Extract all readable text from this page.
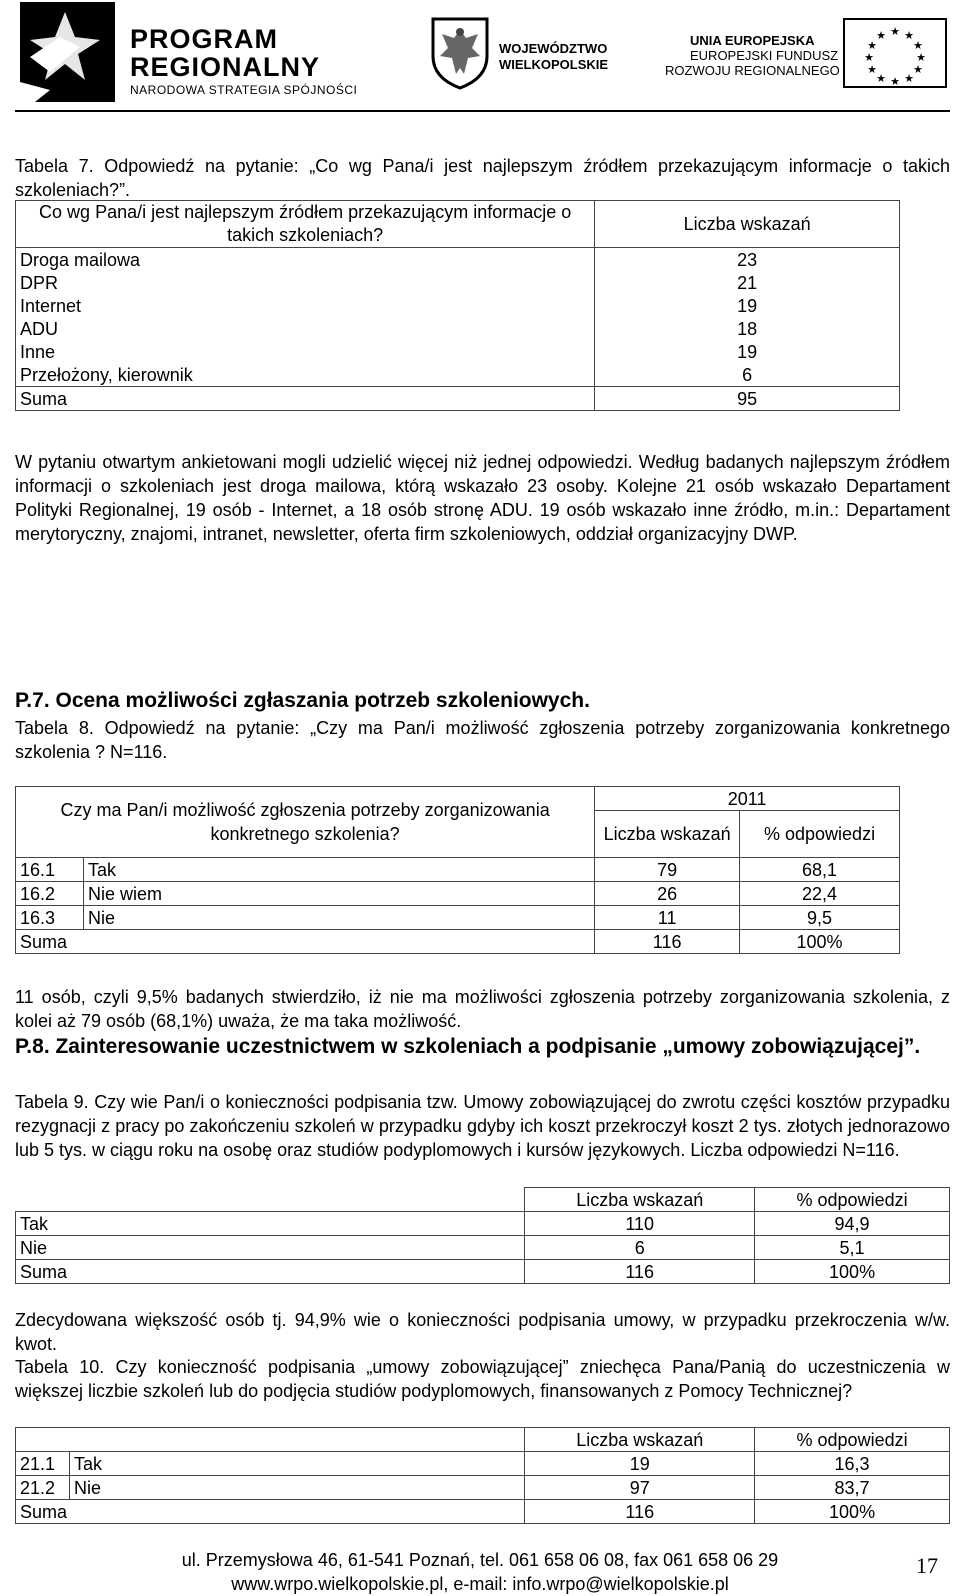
PROGRAM
REGIONALNY
NARODOWA STRATEGIA SPÓJNOŚCI
WOJEWÓDZTWO
WIELKOPOLSKIE
UNIA EUROPEJSKA
EUROPEJSKI FUNDUSZ
ROZWOJU REGIONALNEGO
★ ★
★
★
★
★
★
★
★
★
★
★

Tabela 7. Odpowiedź na pytanie: „Co wg Pana/i jest najlepszym źródłem przekazującym informacje o takich szkoleniach?”.

Co wg Pana/i jest najlepszym źródłem przekazującym informacje o takich szkoleniach?	Liczba wskazań
Droga mailowa	23
DPR	21
Internet	19
ADU	18
Inne	19
Przełożony, kierownik	6
Suma	95

W pytaniu otwartym ankietowani mogli udzielić więcej niż jednej odpowiedzi. Według badanych najlepszym źródłem informacji o szkoleniach jest droga mailowa, którą wskazało 23 osoby. Kolejne 21 osób wskazało Departament Polityki Regionalnej, 19 osób - Internet, a 18 osób stronę ADU. 19 osób wskazało inne źródło, m.in.: Departament merytoryczny, znajomi, intranet, newsletter, oferta firm szkoleniowych, oddział organizacyjny DWP.

P.7. Ocena możliwości zgłaszania potrzeb szkoleniowych.

Tabela 8. Odpowiedź na pytanie: „Czy ma Pan/i możliwość zgłoszenia potrzeby zorganizowania konkretnego szkolenia ? N=116.

Czy ma Pan/i możliwość zgłoszenia potrzeby zorganizowania konkretnego szkolenia?		2011	
		Liczba wskazań	% odpowiedzi
16.1	Tak	79	68,1
16.2	Nie wiem	26	22,4
16.3	Nie	11	9,5
Suma		116	100%

11 osób, czyli 9,5% badanych stwierdziło, iż nie ma możliwości zgłoszenia potrzeby zorganizowania szkolenia, z kolei aż 79 osób (68,1%) uważa, że ma taka możliwość.

P.8. Zainteresowanie uczestnictwem w szkoleniach a podpisanie „umowy zobowiązującej”.

Tabela 9. Czy wie Pan/i o konieczności podpisania tzw. Umowy zobowiązującej do zwrotu części kosztów przypadku rezygnacji z pracy po zakończeniu szkoleń w przypadku gdyby ich koszt przekroczył koszt 2 tys. złotych jednorazowo lub 5 tys. w ciągu roku na osobę oraz studiów podyplomowych i kursów językowych. Liczba odpowiedzi N=116.

	Liczba wskazań	% odpowiedzi
Tak	110	94,9
Nie	6	5,1
Suma	116	100%

Zdecydowana większość osób tj. 94,9% wie o konieczności podpisania umowy, w przypadku przekroczenia w/w. kwot.

Tabela 10. Czy konieczność podpisania „umowy zobowiązującej” zniechęca Pana/Panią do uczestniczenia w większej liczbie szkoleń lub do podjęcia studiów podyplomowych, finansowanych z Pomocy Technicznej?

		Liczba wskazań	% odpowiedzi
21.1	Tak	19	16,3
21.2	Nie	97	83,7
Suma		116	100%
ul. Przemysłowa 46, 61-541 Poznań, tel. 061 658 06 08, fax 061 658 06 29
www.wrpo.wielkopolskie.pl, e-mail: info.wrpo@wielkopolskie.pl
17
